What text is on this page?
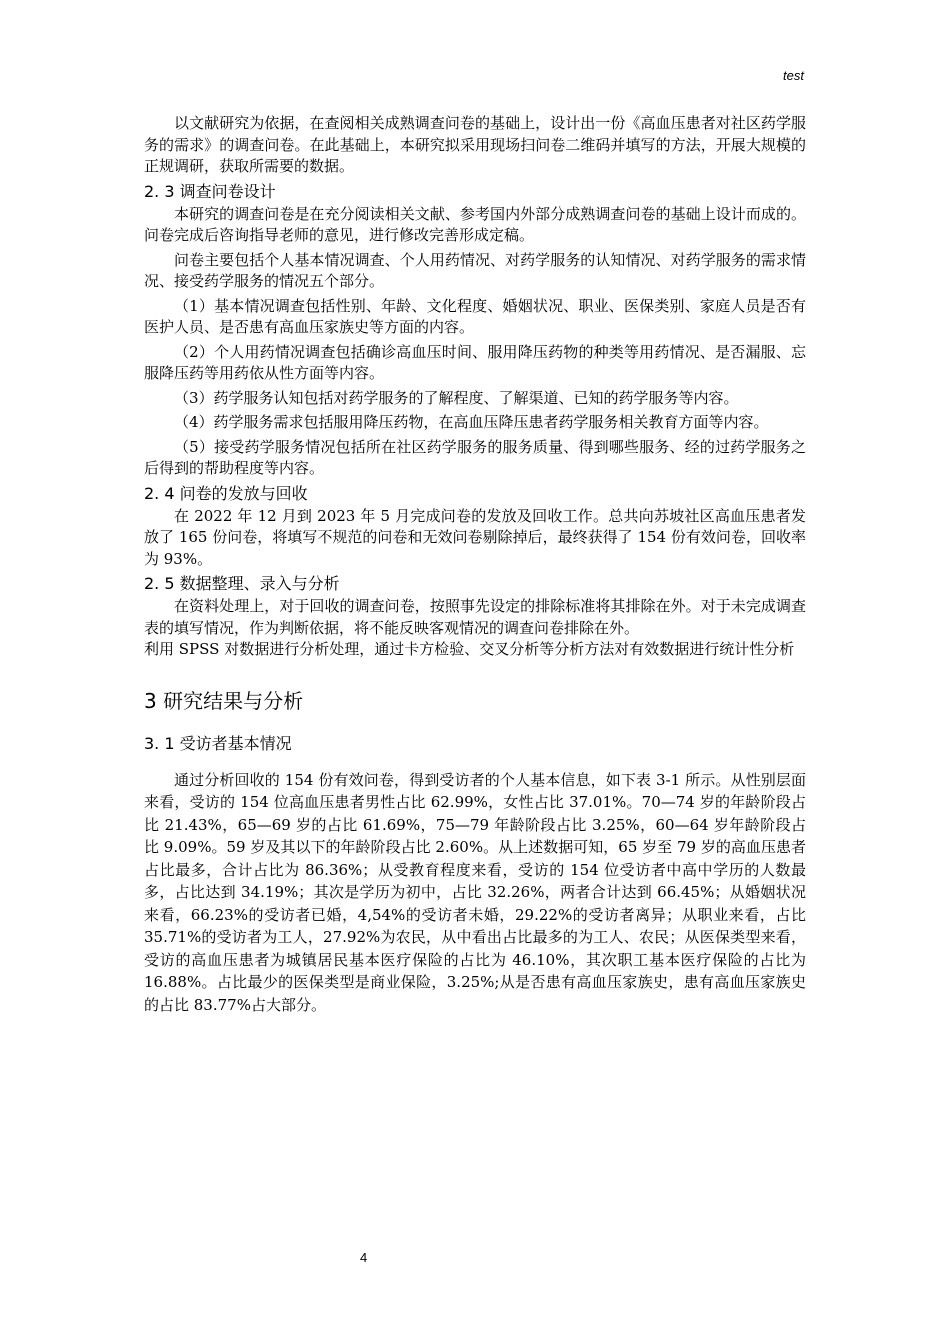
test

以文献研究为依据，在查阅相关成熟调查问卷的基础上，设计出一份《高血压患者对社区药学服务的需求》的调查问卷。在此基础上，本研究拟采用现场扫问卷二维码并填写的方法，开展大规模的正规调研，获取所需要的数据。

2. 3 调查问卷设计

本研究的调查问卷是在充分阅读相关文献、参考国内外部分成熟调查问卷的基础上设计而成的。问卷完成后咨询指导老师的意见，进行修改完善形成定稿。

问卷主要包括个人基本情况调查、个人用药情况、对药学服务的认知情况、对药学服务的需求情况、接受药学服务的情况五个部分。

（1）基本情况调查包括性别、年龄、文化程度、婚姻状况、职业、医保类别、家庭人员是否有医护人员、是否患有高血压家族史等方面的内容。

（2）个人用药情况调查包括确诊高血压时间、服用降压药物的种类等用药情况、是否漏服、忘服降压药等用药依从性方面等内容。

（3）药学服务认知包括对药学服务的了解程度、了解渠道、已知的药学服务等内容。

（4）药学服务需求包括服用降压药物，在高血压降压患者药学服务相关教育方面等内容。

（5）接受药学服务情况包括所在社区药学服务的服务质量、得到哪些服务、经的过药学服务之后得到的帮助程度等内容。

2. 4 问卷的发放与回收

在 2022 年 12 月到 2023 年 5 月完成问卷的发放及回收工作。总共向苏坡社区高血压患者发放了 165 份问卷，将填写不规范的问卷和无效问卷剔除掉后，最终获得了 154 份有效问卷，回收率为 93%。

2. 5 数据整理、录入与分析

在资料处理上，对于回收的调查问卷，按照事先设定的排除标准将其排除在外。对于未完成调查表的填写情况，作为判断依据，将不能反映客观情况的调查问卷排除在外。

利用 SPSS 对数据进行分析处理，通过卡方检验、交叉分析等分析方法对有效数据进行统计性分析

3 研究结果与分析
3. 1 受访者基本情况

通过分析回收的 154 份有效问卷，得到受访者的个人基本信息，如下表 3-1 所示。从性别层面来看，受访的 154 位高血压患者男性占比 62.99%，女性占比 37.01%。70—74 岁的年龄阶段占比 21.43%，65—69 岁的占比 61.69%，75—79 年龄阶段占比 3.25%，60—64 岁年龄阶段占比 9.09%。59 岁及其以下的年龄阶段占比 2.60%。从上述数据可知，65 岁至 79 岁的高血压患者占比最多，合计占比为 86.36%；从受教育程度来看，受访的 154 位受访者中高中学历的人数最多，占比达到 34.19%；其次是学历为初中，占比 32.26%，两者合计达到 66.45%；从婚姻状况来看，66.23%的受访者已婚，4,54%的受访者未婚，29.22%的受访者离异；从职业来看，占比 35.71%的受访者为工人，27.92%为农民，从中看出占比最多的为工人、农民；从医保类型来看，受访的高血压患者为城镇居民基本医疗保险的占比为 46.10%，其次职工基本医疗保险的占比为 16.88%。占比最少的医保类型是商业保险，3.25%;从是否患有高血压家族史，患有高血压家族史的占比 83.77%占大部分。

4
